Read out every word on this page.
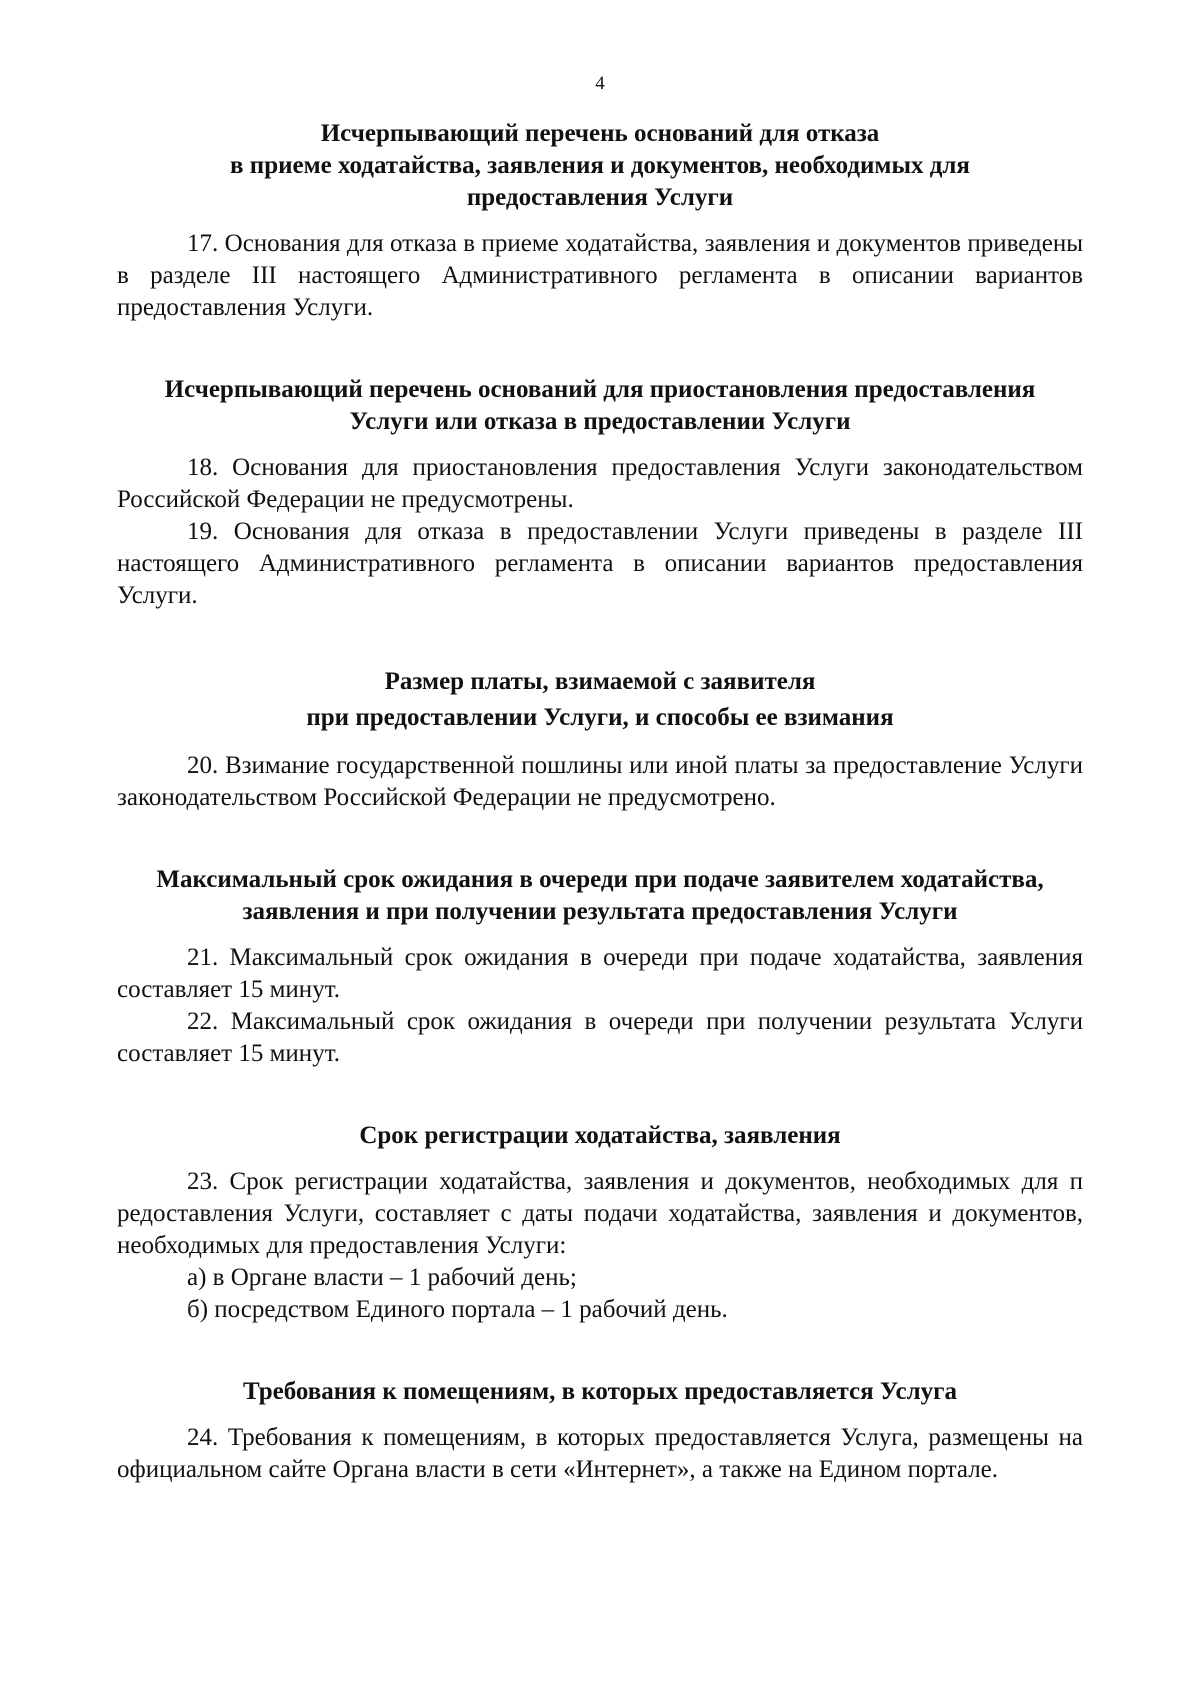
4
Исчерпывающий перечень оснований для отказа
в приеме ходатайства, заявления и документов, необходимых для
предоставления Услуги

17. Основания для отказа в приеме ходатайства, заявления и документов приведены в разделе III настоящего Административного регламента в описании вариантов предоставления Услуги.

Исчерпывающий перечень оснований для приостановления предоставления
Услуги или отказа в предоставлении Услуги

18. Основания для приостановления предоставления Услуги законодательством Российской Федерации не предусмотрены.

19. Основания для отказа в предоставлении Услуги приведены в разделе III настоящего Административного регламента в описании вариантов предоставления Услуги.

Размер платы, взимаемой с заявителя
при предоставлении Услуги, и способы ее взимания

20. Взимание государственной пошлины или иной платы за предоставление Услуги законодательством Российской Федерации не предусмотрено.

Максимальный срок ожидания в очереди при подаче заявителем ходатайства,
заявления и при получении результата предоставления Услуги

21. Максимальный срок ожидания в очереди при подаче ходатайства, заявления составляет 15 минут.

22. Максимальный срок ожидания в очереди при получении результата Услуги составляет 15 минут.

Срок регистрации ходатайства, заявления

23. Срок регистрации ходатайства, заявления и документов, необходимых для п редоставления Услуги, составляет с даты подачи ходатайства, заявления и документов, необходимых для предоставления Услуги:

а) в Органе власти – 1 рабочий день;

б) посредством Единого портала – 1 рабочий день.

Требования к помещениям, в которых предоставляется Услуга

24. Требования к помещениям, в которых предоставляется Услуга, размещены на официальном сайте Органа власти в сети «Интернет», а также на Едином портале.
